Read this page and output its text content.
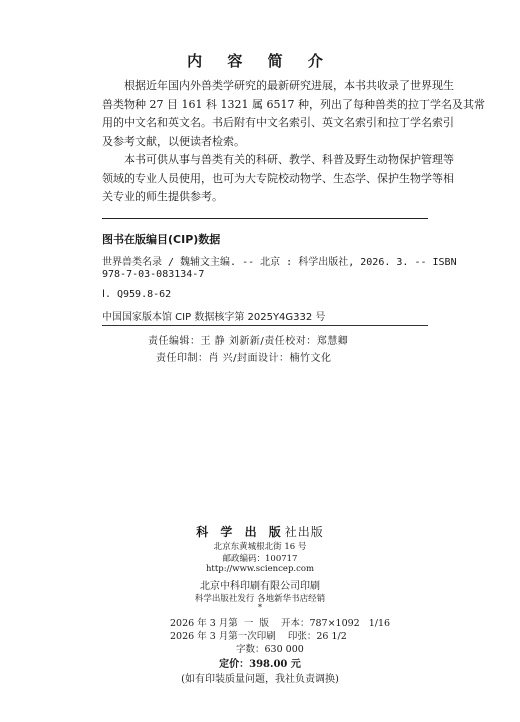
内 容 简 介
根据近年国内外兽类学研究的最新研究进展，本书共收录了世界现生
兽类物种 27 目 161 科 1321 属 6517 种，列出了每种兽类的拉丁学名及其常
用的中文名和英文名。书后附有中文名索引、英文名索引和拉丁学名索引
及参考文献，以便读者检索。
本书可供从事与兽类有关的科研、教学、科普及野生动物保护管理等
领域的专业人员使用，也可为大专院校动物学、生态学、保护生物学等相
关专业的师生提供参考。
图书在版编目(CIP)数据
世界兽类名录 / 魏辅文主编. -- 北京 : 科学出版社, 2026. 3. -- ISBN
978-7-03-083134-7
Ⅰ. Q959.8-62
中国国家版本馆 CIP 数据核字第 2025Y4G332 号
责任编辑：王 静 刘新新/责任校对：郑慧卿
责任印制：肖 兴/封面设计：楠竹文化
科 学 出 版社出版
北京东黄城根北街 16 号
邮政编码：100717
http://www.sciencep.com
北京中科印刷有限公司印刷
科学出版社发行 各地新华书店经销
*
2026 年 3 月第  一  版    开本：787×1092   1/16
2026 年 3 月第一次印刷    印张：26 1/2
字数：630 000
定价：398.00 元
(如有印装质量问题，我社负责调换)
